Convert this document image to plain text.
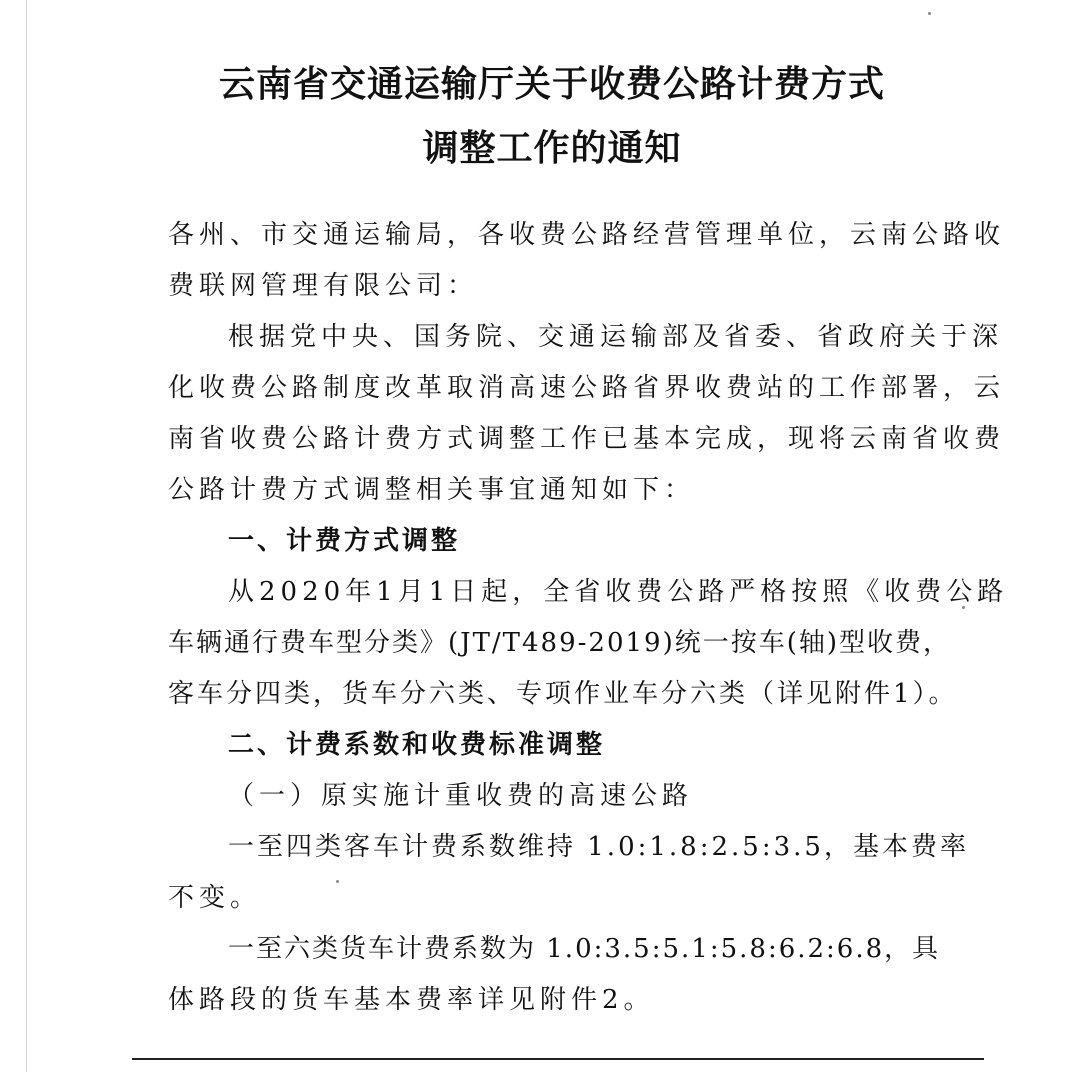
云南省交通运输厅关于收费公路计费方式
调整工作的通知

各州、市交通运输局，各收费公路经营管理单位，云南公路收

费联网管理有限公司：

根据党中央、国务院、交通运输部及省委、省政府关于深

化收费公路制度改革取消高速公路省界收费站的工作部署，云

南省收费公路计费方式调整工作已基本完成，现将云南省收费

公路计费方式调整相关事宜通知如下：

一、计费方式调整

从2020年1月1日起，全省收费公路严格按照《收费公路

车辆通行费车型分类》(JT/T489-2019)统一按车(轴)型收费，

客车分四类，货车分六类、专项作业车分六类（详见附件1）。

二、计费系数和收费标准调整

（一）原实施计重收费的高速公路

一至四类客车计费系数维持 1.0:1.8:2.5:3.5，基本费率

不变。

一至六类货车计费系数为 1.0:3.5:5.1:5.8:6.2:6.8，具

体路段的货车基本费率详见附件2。
